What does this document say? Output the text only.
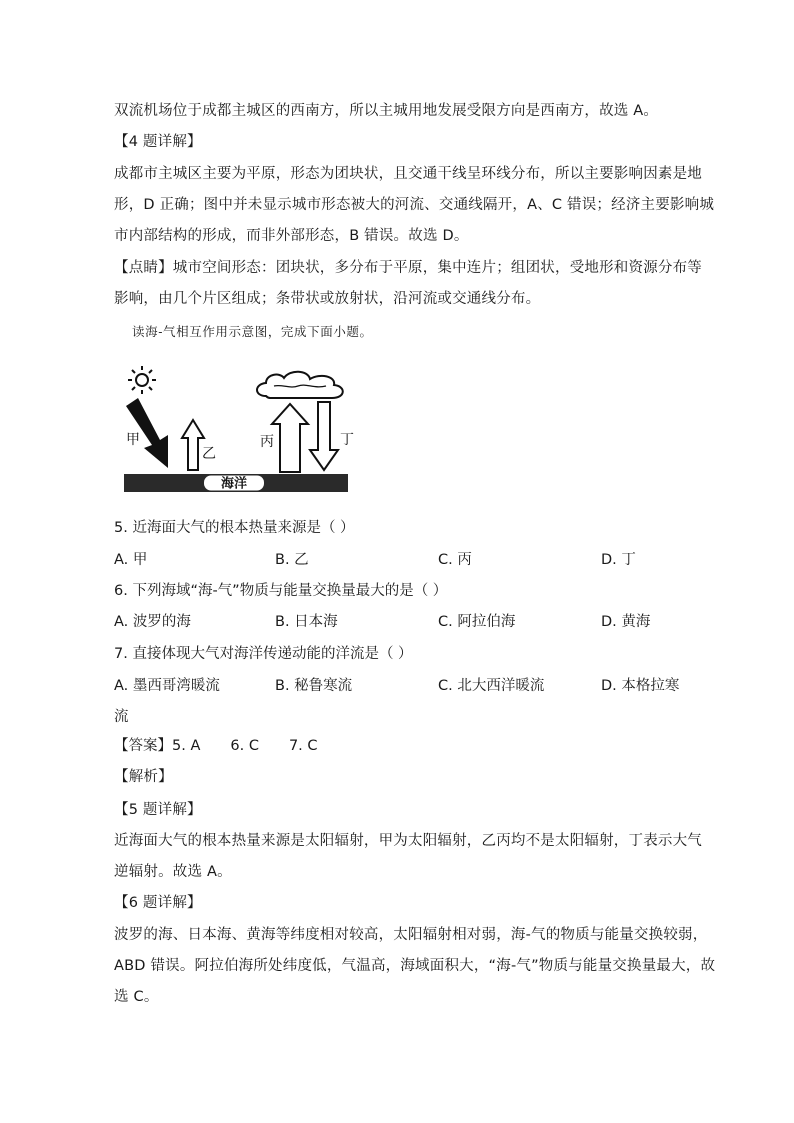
双流机场位于成都主城区的西南方，所以主城用地发展受限方向是西南方，故选 A。
【4 题详解】
成都市主城区主要为平原，形态为团块状，且交通干线呈环线分布，所以主要影响因素是地
形，D 正确；图中并未显示城市形态被大的河流、交通线隔开，A、C 错误；经济主要影响城
市内部结构的形成，而非外部形态，B 错误。故选 D。
【点睛】城市空间形态：团块状，多分布于平原，集中连片；组团状，受地形和资源分布等
影响，由几个片区组成；条带状或放射状，沿河流或交通线分布。
读海-气相互作用示意图，完成下面小题。
海洋
甲
乙
丙	丁
5. 近海面大气的根本热量来源是（ ）
A. 甲	B. 乙	C. 丙	D. 丁
6. 下列海域“海-气”物质与能量交换量最大的是（ ）
A. 波罗的海	B. 日本海	C. 阿拉伯海	D. 黄海
7. 直接体现大气对海洋传递动能的洋流是（ ）
A. 墨西哥湾暖流	B. 秘鲁寒流	C. 北大西洋暖流	D. 本格拉寒
流
【答案】5. A 6. C 7. C
【解析】
【5 题详解】
近海面大气的根本热量来源是太阳辐射，甲为太阳辐射，乙丙均不是太阳辐射，丁表示大气
逆辐射。故选 A。
【6 题详解】
波罗的海、日本海、黄海等纬度相对较高，太阳辐射相对弱，海-气的物质与能量交换较弱，
ABD 错误。阿拉伯海所处纬度低，气温高，海域面积大，“海-气”物质与能量交换量最大，故
选 C。
